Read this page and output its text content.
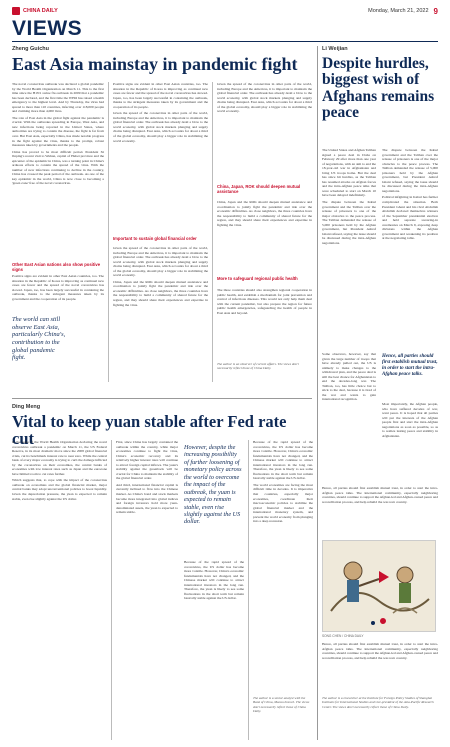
CHINA DAILY	Monday, March 21, 2022 9
VIEWS
Zheng Guichu
East Asia mainstay in pandemic fight

The novel coronavirus outbreak was declared a global pandemic by the World Health Organization on March 11. This is the first time since the H1N1 swine flu outbreak in 2009 that a pandemic has been declared, and the first time the WHO has raised a health emergency to the highest level. And by Thursday, the virus had spread to more than 110 countries, infecting over 118,000 people and claiming more than 4,000 lives.

The role of East Asia in the global fight against the pandemic is crucial. With the outbreaks spreading in Europe, West Asia, and new infections being reported in the United States, where authorities are trying to contain the disease, the fight is far from over. But East Asia, especially China, has made notable progress in the fight against the virus, thanks to the prompt, robust measures taken by governments and the people.

China has proved to be most difficult period. President Xi Jinping's recent visit to Wuhan, capital of Hubei province and the epicenter of the epidemic in China, was a turning point in China's arduous efforts to contain the spread of the virus. With the number of new infections continuing to decline in the country, China has crossed the peak period of the outbreak. As one of the key epidemic in the world, China is now close to becoming a 'green zone' free of the novel coronavirus.

Other East Asian nations also show positive signs

Positive signs are evident in other East Asian countries, too. The situation in the Republic of Korea is improving as continual new cases are fewer and the spread of the novel coronavirus has slowed. Japan, too, has been largely successful in containing the outbreak, thanks to the stringent measures taken by its government and the cooperation of its people.

The world can still observe East Asia, particularly China's, contribution to the global pandemic fight.

Positive signs are evident in other East Asian countries, too. The situation in the Republic of Korea is improving as continual new cases are fewer and the spread of the novel coronavirus has slowed. Japan, too, has been largely successful in containing the outbreak, thanks to the stringent measures taken by its government and the cooperation of its people.

Given the spread of the coronavirus in other parts of the world, including Europe and the Americas, it is important to maintain the global financial order. The outbreak has already dealt a blow to the world economy, with global stock markets plunging and supply chains being disrupted. East Asia, which accounts for about a third of the global economy, should play a bigger role in stabilizing the world economy.

Important to sustain global financial order

Given the spread of the coronavirus in other parts of the world, including Europe and the Americas, it is important to maintain the global financial order. The outbreak has already dealt a blow to the world economy, with global stock markets plunging and supply chains being disrupted. East Asia, which accounts for about a third of the global economy, should play a bigger role in stabilizing the world economy.

China, Japan and the ROK should deepen mutual assistance and coordination to jointly fight the pandemic and tide over the economic difficulties. As close neighbors, the three countries have the responsibility to build a community of shared future for the region, and they should share their experiences and expertise in fighting the virus.

Given the spread of the coronavirus in other parts of the world, including Europe and the Americas, it is important to maintain the global financial order. The outbreak has already dealt a blow to the world economy, with global stock markets plunging and supply chains being disrupted. East Asia, which accounts for about a third of the global economy, should play a bigger role in stabilizing the world economy.

China, Japan, ROK should deepen mutual assistance

China, Japan and the ROK should deepen mutual assistance and coordination to jointly fight the pandemic and tide over the economic difficulties. As close neighbors, the three countries have the responsibility to build a community of shared future for the region, and they should share their experiences and expertise in fighting the virus.

More to safeguard regional public health

The three countries should also strengthen regional cooperation in public health, and establish a mechanism for joint prevention and control of infectious diseases. This would not only help them deal with the current pandemic, but also prepare the region for future public health emergencies, safeguarding the health of people in East Asia and beyond.

The author is an observer of current affairs. The views don't necessarily reflect those of China Daily.
Ding Meng
Vital to keep yuan stable after Fed rate cut

In the wake of the World Health Organization declaring the novel coronavirus outbreak a pandemic on March 11, the US Federal Reserve, in its most dramatic move since the 2008 global financial crisis, cut its benchmark interest rate to near zero. While the central bank of every major economy is trying to curb the damage inflicted by the coronavirus on their economies, the central banks of economies with low interest rates such as Japan and the eurozone have limited room to cut rates further.

Which suggests that, to cope with the impact of the coronavirus outbreak on economies and the global financial market, major central banks may adopt unconventional policies to boost liquidity. Given the depreciation pressure, the yuan is expected to remain stable, even rise slightly against the US dollar.

First, since China has largely contained the outbreak within the country, while major economies continue to fight the virus, China's economic recovery and its relatively higher interest rates will continue to attract foreign capital inflows. The yuan's stability against the greenback will be crucial for China to maintain the stability of the global financial order.

And third, international financial capital is currently inclined to flow into the Chinese market. As China's bond and stock markets become more integrated into global indices and foreign investors hold more yuan-denominated assets, the yuan is expected to remain stable.

However, despite the increasing possibility of further loosening of monetary policy across the world to overcome the impact of the outbreak, the yuan is expected to remain stable, even rise slightly against the US dollar.

Because of the rapid spread of the coronavirus, the US dollar has become more volatile. However, China's economic fundamentals have not changed, and the Chinese market will continue to attract international investors in the long run. Therefore, the yuan is likely to see some fluctuations in the short term but remain basically stable against the US dollar.

Because of the rapid spread of the coronavirus, the US dollar has become more volatile. However, China's economic fundamentals have not changed, and the Chinese market will continue to attract international investors in the long run. Therefore, the yuan is likely to see some fluctuations in the short term but remain basically stable against the US dollar.

The world economies are facing the most difficult time in decades. It is imperative that countries, especially major economies, coordinate their macroeconomic policies to stabilize the global financial market and the international monetary system, and prevent the world economy from plunging into a deep recession.

The author is a senior analyst with the Bank of China, Macau branch. The views don't necessarily reflect those of China Daily.
Li Weijian
Despite hurdles, biggest wish of Afghans remains peace

The United States and Afghan Taliban signed a peace deal in Doha on February 29 after more than one year of negotiations, with an aim to end the 18-year-old war in Afghanistan and bring US troops home. But the deal has since hit hurdles, as the Taliban has resumed attacks on Afghan forces and the intra-Afghan peace talks that were scheduled to start on March 10 have been delayed indefinitely.

The dispute between the Kabul government and the Taliban over the release of prisoners is one of the major obstacles to the peace process. The Taliban demanded the release of 5,000 prisoners held by the Afghan government, but President Ashraf Ghani refused, saying the issue should be discussed during the intra-Afghan negotiations.

The dispute between the Kabul government and the Taliban over the release of prisoners is one of the major obstacles to the peace process. The Taliban demanded the release of 5,000 prisoners held by the Afghan government, but President Ashraf Ghani refused, saying the issue should be discussed during the intra-Afghan negotiations.

Political infighting in Kabul has further complicated the situation. Both President Ghani and his rival Abdullah Abdullah declared themselves winners of the September presidential election and held separate swearing-in ceremonies on March 9, exposing deep divisions within the Afghan government and weakening its position at the negotiating table.

Some observers, however, say that given the large number of troops that have already pulled out, the US is unlikely to make changes to the withdrawal plan, and the peace deal is still the best chance for Afghanistan to end the decades-long war. The Taliban, too, has little choice but to stick to the deal, because it is tired of the war and wants to gain international recognition.

Hence, all parties should first establish mutual trust, in order to start the intra-Afghan peace talks.

Most importantly, the Afghan people, who have suffered decades of war, want peace. It is hoped that all parties will put the interests of the Afghan people first and start the intra-Afghan negotiations as soon as possible, so as to realize lasting peace and stability in Afghanistan.

Hence, all parties should first establish mutual trust, in order to start the intra-Afghan peace talks. The international community, especially neighboring countries, should continue to support the Afghan-led and Afghan-owned peace and reconciliation process, and help rebuild the war-torn country.

SONG CHEN / CHINA DAILY

Hence, all parties should first establish mutual trust, in order to start the intra-Afghan peace talks. The international community, especially neighboring countries, should continue to support the Afghan-led and Afghan-owned peace and reconciliation process, and help rebuild the war-torn country.

The author is a researcher at the Institute for Foreign Policy Studies of Shanghai Institutes for International Studies and vice-president of the Asia-Pacific Research Center. The views don't necessarily reflect those of China Daily.
